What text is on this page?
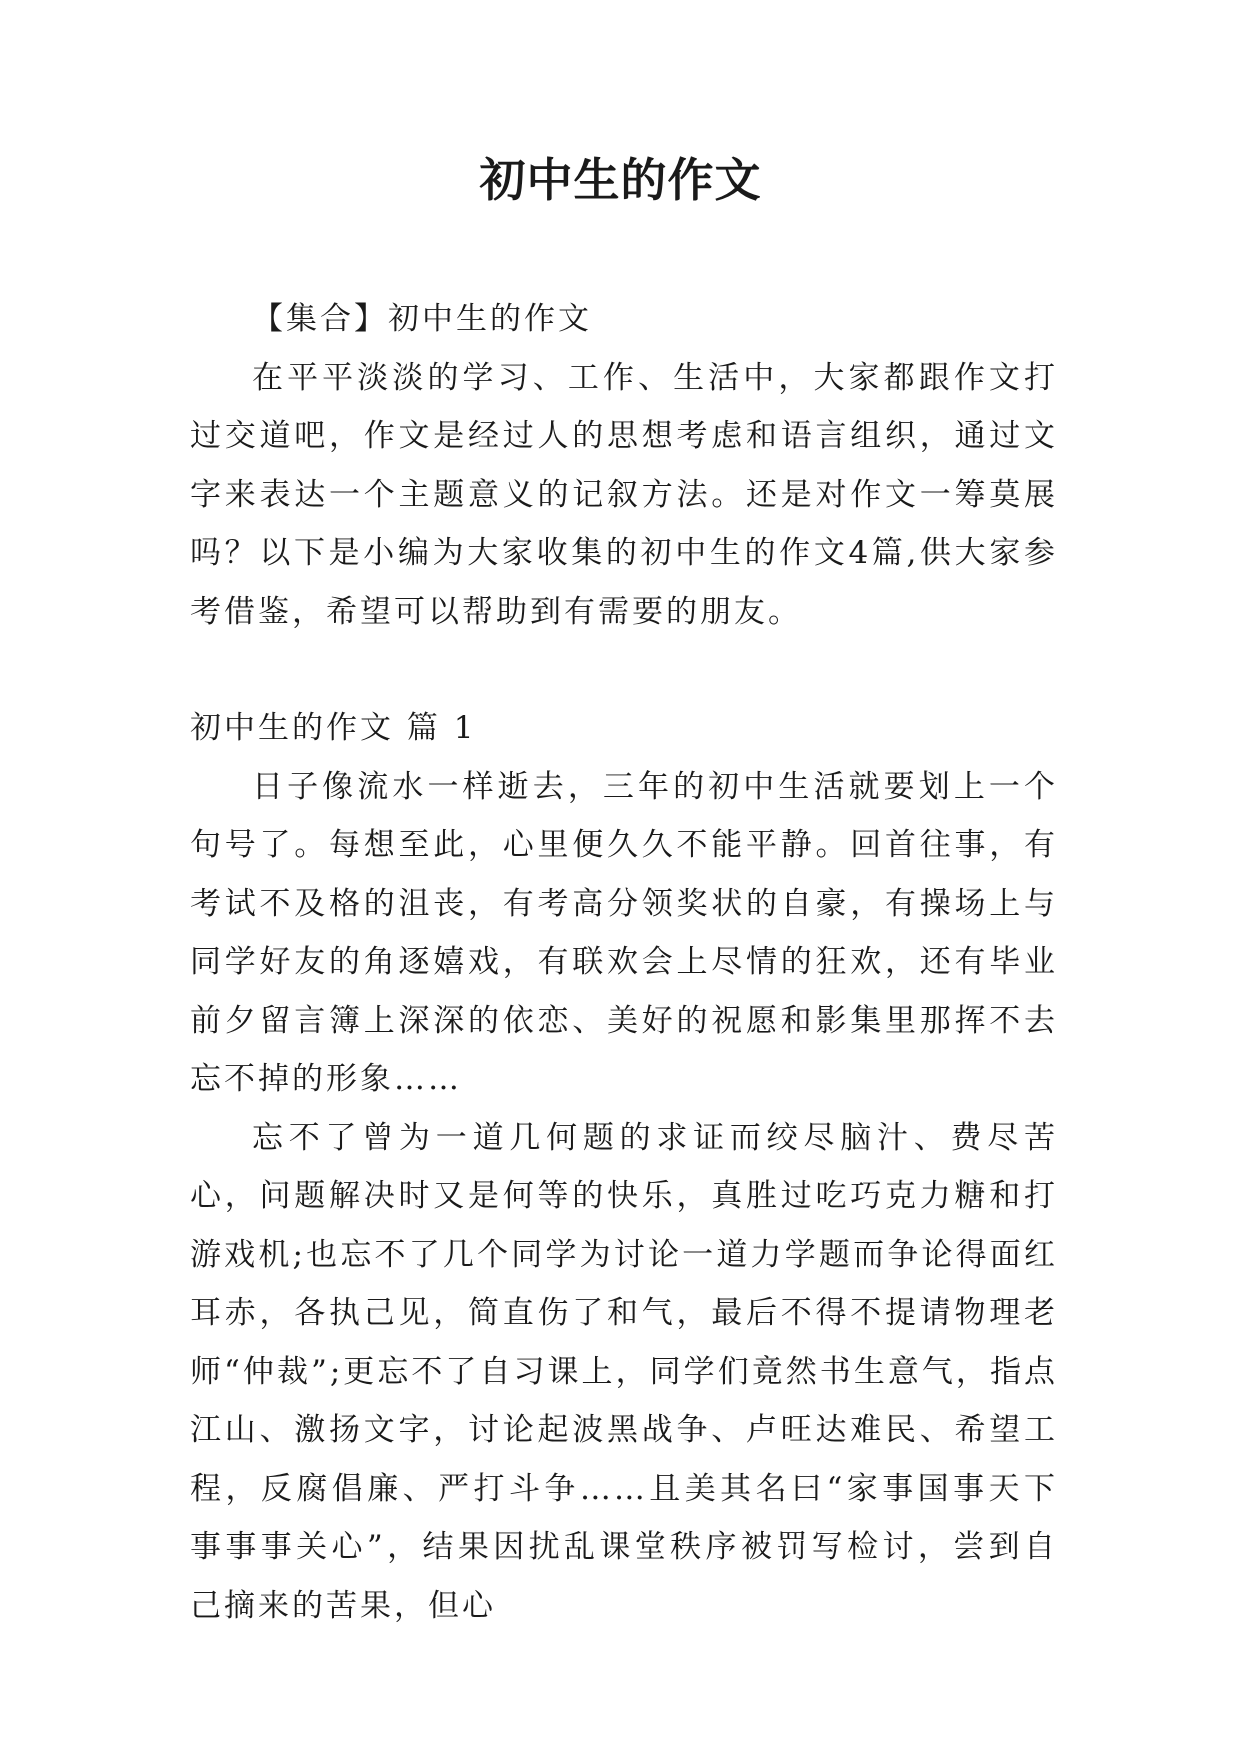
初中生的作文

【集合】初中生的作文

在平平淡淡的学习、工作、生活中，大家都跟作文打过交道吧，作文是经过人的思想考虑和语言组织，通过文字来表达一个主题意义的记叙方法。还是对作文一筹莫展吗？以下是小编为大家收集的初中生的作文4篇,供大家参考借鉴，希望可以帮助到有需要的朋友。

初中生的作文 篇 1

日子像流水一样逝去，三年的初中生活就要划上一个句号了。每想至此，心里便久久不能平静。回首往事，有考试不及格的沮丧，有考高分领奖状的自豪，有操场上与同学好友的角逐嬉戏，有联欢会上尽情的狂欢，还有毕业前夕留言簿上深深的依恋、美好的祝愿和影集里那挥不去忘不掉的形象……

忘不了曾为一道几何题的求证而绞尽脑汁、费尽苦心，问题解决时又是何等的快乐，真胜过吃巧克力糖和打游戏机;也忘不了几个同学为讨论一道力学题而争论得面红耳赤，各执己见，简直伤了和气，最后不得不提请物理老师“仲裁”;更忘不了自习课上，同学们竟然书生意气，指点江山、激扬文字，讨论起波黑战争、卢旺达难民、希望工程，反腐倡廉、严打斗争……且美其名曰“家事国事天下事事事关心”，结果因扰乱课堂秩序被罚写检讨，尝到自己摘来的苦果，但心
